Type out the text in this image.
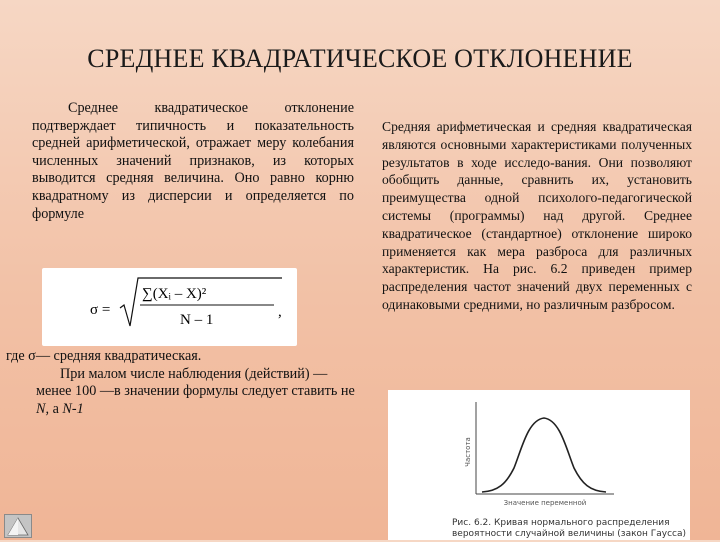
СРЕДНЕЕ КВАДРАТИЧЕСКОЕ ОТКЛОНЕНИЕ

Среднее квадратическое отклонение подтверждает типичность и показательность средней арифметической, отражает меру колебания численных значений признаков, из которых выводится средняя величина. Оно равно корню квадратному из дисперсии и определяется по формуле

σ =
∑(Xᵢ – X)²
N – 1	,

где σ— средняя квадратическая.

При малом числе наблюдения (действий) — менее 100 —в значении формулы следует ставить не N, а N-1

Средняя арифметическая и средняя квадратическая являются основными характеристиками полученных результатов в ходе исследо-вания. Они позволяют обобщить данные, сравнить их, установить преимущества одной психолого-педагогической системы (программы) над другой. Среднее квадратическое (стандартное) отклонение широко применяется как мера разброса для различных характеристик. На рис. 6.2 приведен пример распределения частот значений двух переменных с одинаковыми средними, но различным разбросом.

Частота
Значение переменной
Рис. 6.2. Кривая нормального распределения
вероятности случайной величины (закон Гаусса)
